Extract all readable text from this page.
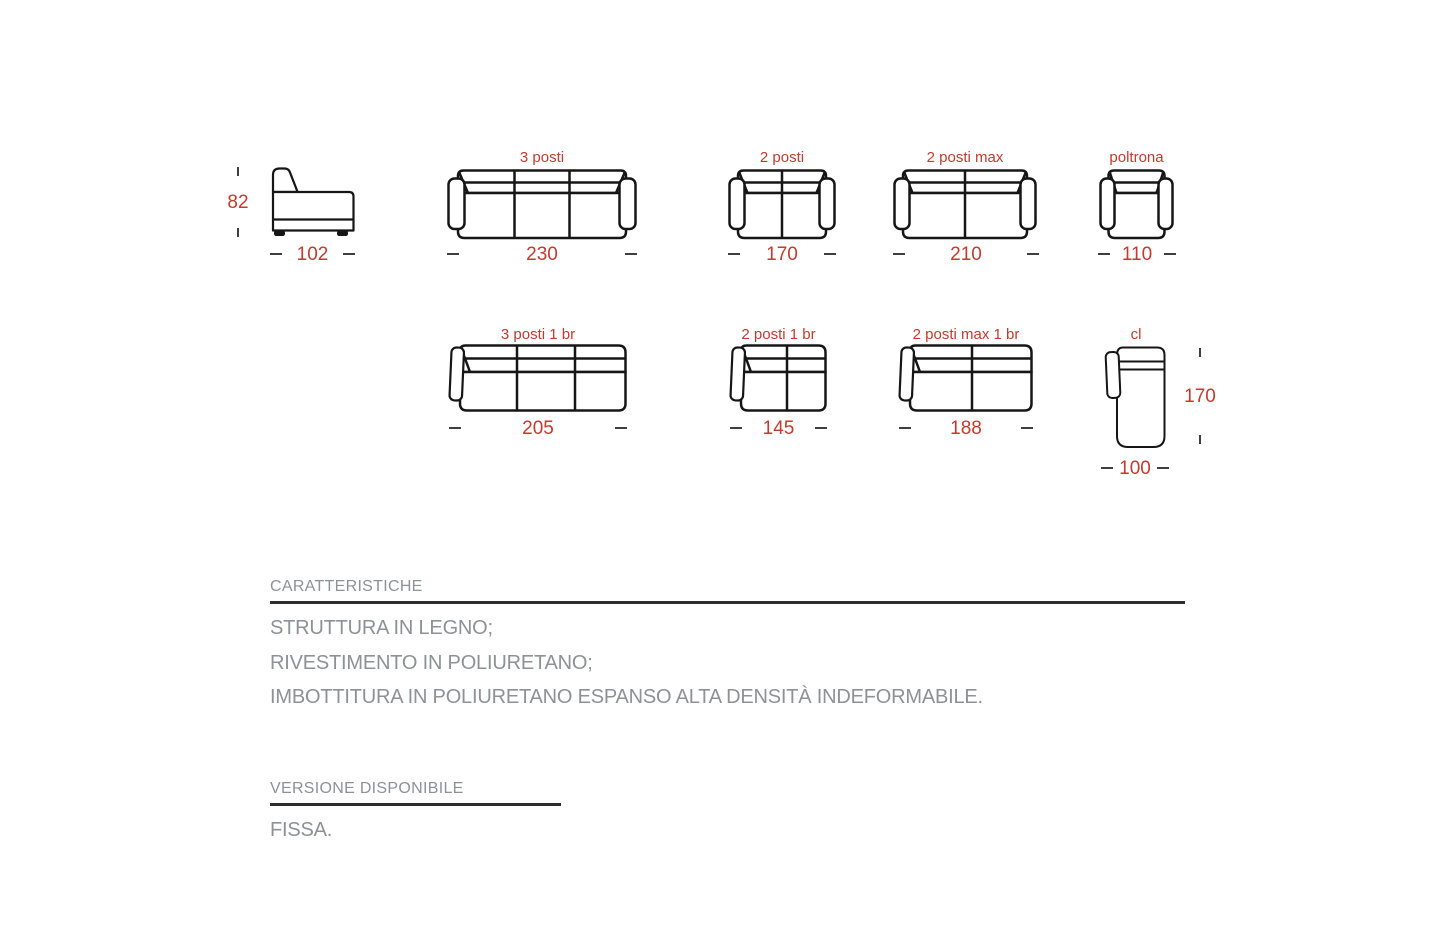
82
102
3 posti
230
2 posti
170
2 posti max
210
poltrona
110
3 posti 1 br
205
2 posti 1 br
145
2 posti max 1 br
188
cl
170
100
CARATTERISTICHE
STRUTTURA IN LEGNO;
RIVESTIMENTO IN POLIURETANO;
IMBOTTITURA IN POLIURETANO ESPANSO ALTA DENSITÀ INDEFORMABILE.
VERSIONE DISPONIBILE
FISSA.
